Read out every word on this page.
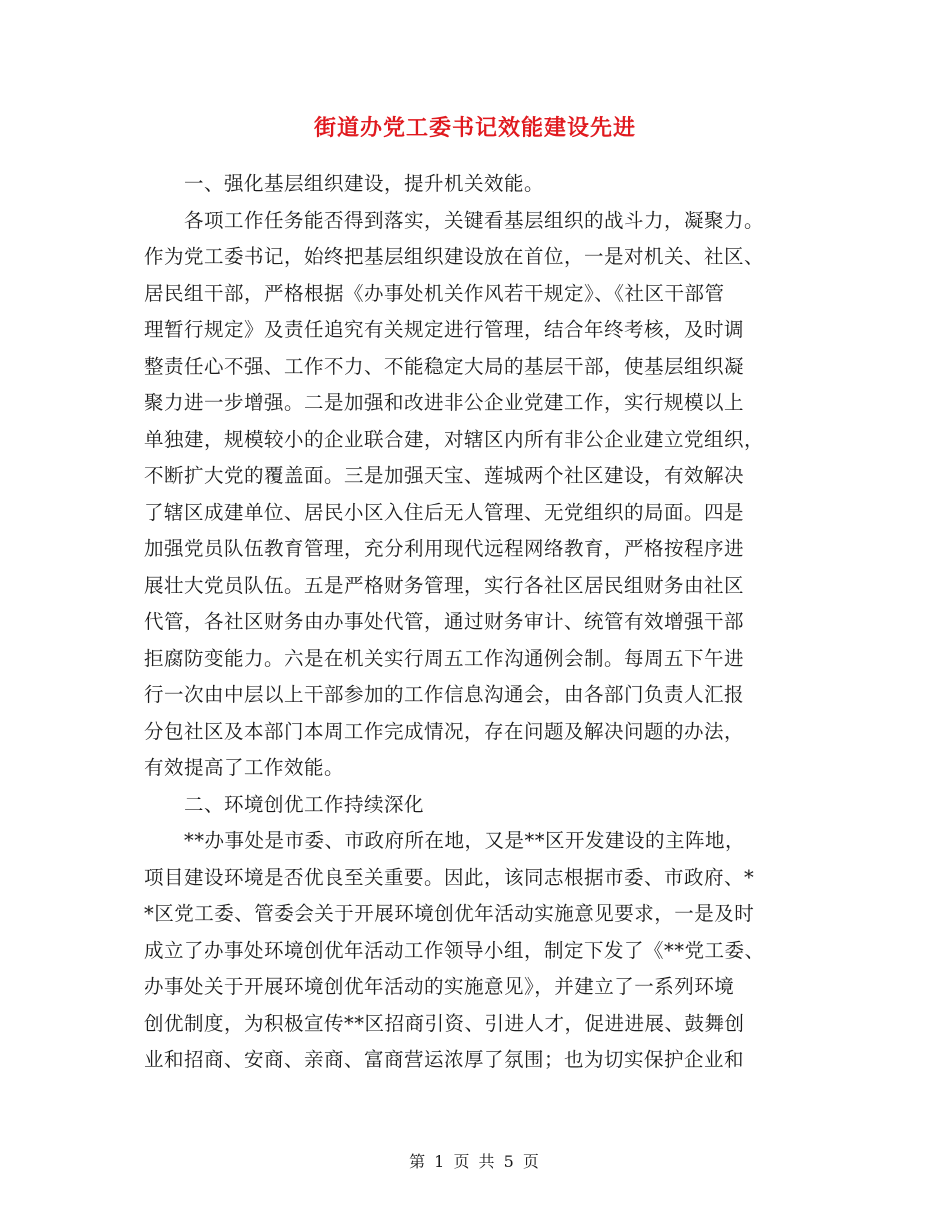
街道办党工委书记效能建设先进
一、强化基层组织建设，提升机关效能。
各项工作任务能否得到落实，关键看基层组织的战斗力，凝聚力。
作为党工委书记，始终把基层组织建设放在首位，一是对机关、社区、
居民组干部，严格根据《办事处机关作风若干规定》、《社区干部管
理暂行规定》及责任追究有关规定进行管理，结合年终考核，及时调
整责任心不强、工作不力、不能稳定大局的基层干部，使基层组织凝
聚力进一步增强。二是加强和改进非公企业党建工作，实行规模以上
单独建，规模较小的企业联合建，对辖区内所有非公企业建立党组织，
不断扩大党的覆盖面。三是加强天宝、莲城两个社区建设，有效解决
了辖区成建单位、居民小区入住后无人管理、无党组织的局面。四是
加强党员队伍教育管理，充分利用现代远程网络教育，严格按程序进
展壮大党员队伍。五是严格财务管理，实行各社区居民组财务由社区
代管，各社区财务由办事处代管，通过财务审计、统管有效增强干部
拒腐防变能力。六是在机关实行周五工作沟通例会制。每周五下午进
行一次由中层以上干部参加的工作信息沟通会，由各部门负责人汇报
分包社区及本部门本周工作完成情况，存在问题及解决问题的办法，
有效提高了工作效能。
二、环境创优工作持续深化
**办事处是市委、市政府所在地，又是**区开发建设的主阵地，
项目建设环境是否优良至关重要。因此，该同志根据市委、市政府、*
*区党工委、管委会关于开展环境创优年活动实施意见要求，一是及时
成立了办事处环境创优年活动工作领导小组，制定下发了《**党工委、
办事处关于开展环境创优年活动的实施意见》，并建立了一系列环境
创优制度，为积极宣传**区招商引资、引进人才，促进进展、鼓舞创
业和招商、安商、亲商、富商营运浓厚了氛围；也为切实保护企业和
第 1 页 共 5 页
